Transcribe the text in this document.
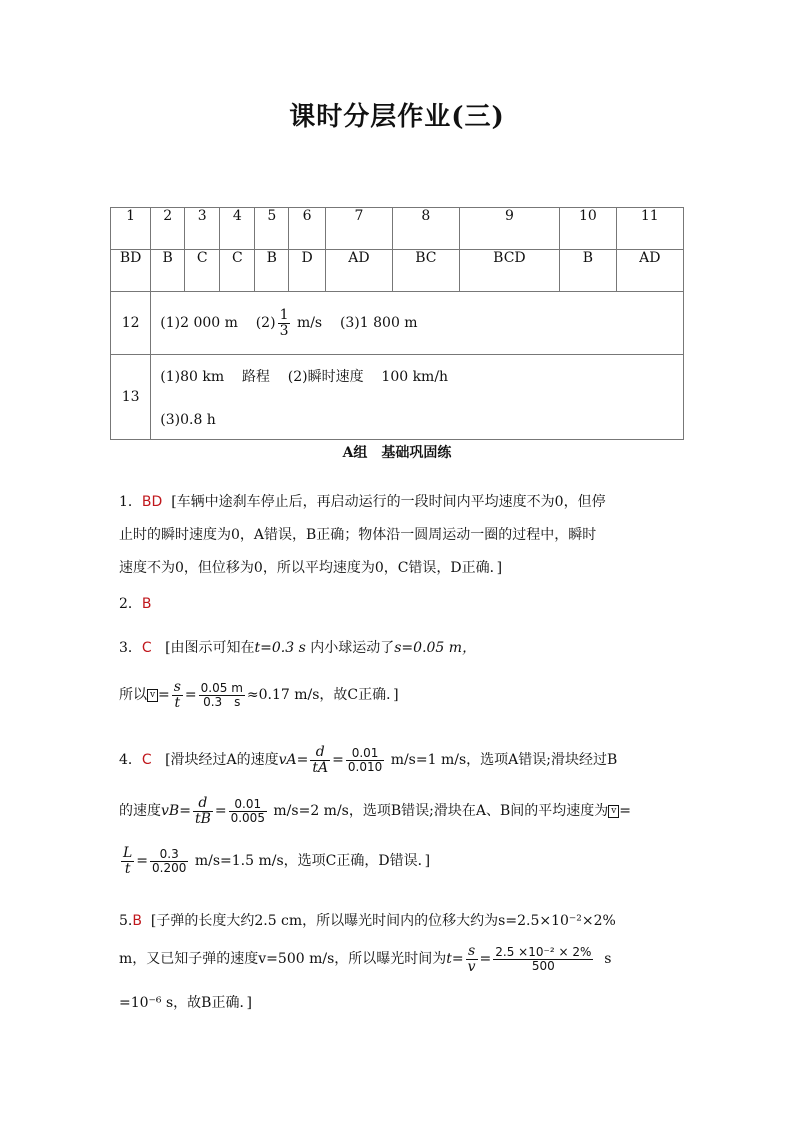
课时分层作业(三)
1	2	3	4	5	6	7	8	9	10	11
BD	B	C	C	B	D	AD	BC	BCD	B	AD
12	(1)2 000 m $(2) \frac{1}{3} m/s$ (3)1 800 m									
13	(1)80 km 路程 (2)瞬时速度 100 km/h
(3)0.8 h									
A组　基础巩固练
1．BD [车辆中途刹车停止后，再启动运行的一段时间内平均速度不为0，但停
止时的瞬时速度为0，A错误，B正确；物体沿一圆周运动一圈的过程中，瞬时
速度不为0，但位移为0，所以平均速度为0，C错误，D正确．]
2．B
3．C [由图示可知在t=0.3 s 内小球运动了s=0.05 m，
所以 $v = \frac{s}{t} = \frac{0.05 m}{0.3 s} \approx 0.17$ m/s，故C正确．]
4．C [滑块经过A的速度$vA= \frac{d}{tA} = \frac{0.01}{0.010} m/s=1$ m/s，选项A错误;滑块经过B
的速度$vB= \frac{d}{tB} = \frac{0.01}{0.005} m/s=2$ m/s，选项B错误;滑块在A、B间的平均速度为 v =
$\frac{L}{t} = \frac{0.3}{0.200} m/s=1.5$ m/s，选项C正确，D错误．]
5.B [子弹的长度大约2.5 cm，所以曝光时间内的位移大约为s=2.5×10⁻²×2%
m，又已知子弹的速度v=500 m/s，所以曝光时间为$t= \frac{s}{v} = \frac{\text{2.5 ×10⁻² × 2\%}}{500}$ s
=10⁻⁶ s，故B正确．]
